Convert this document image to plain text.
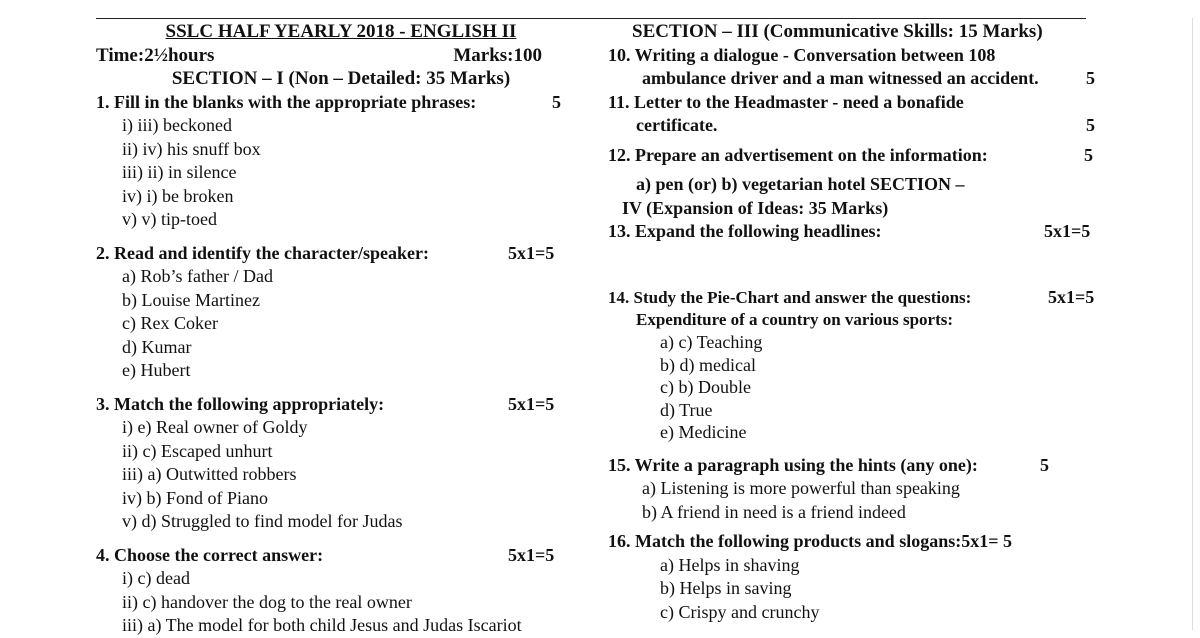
SSLC HALF YEARLY 2018 - ENGLISH II
Time:2½hours	Marks:100
SECTION – I (Non – Detailed: 35 Marks)
1. Fill in the blanks with the appropriate phrases:	5
i) iii) beckoned
ii) iv) his snuff box
iii) ii) in silence
iv) i) be broken
v) v) tip-toed
2. Read and identify the character/speaker:	5x1=5
a) Rob’s father / Dad
b) Louise Martinez
c) Rex Coker
d) Kumar
e) Hubert
3. Match the following appropriately:	5x1=5
i) e) Real owner of Goldy
ii) c) Escaped unhurt
iii) a) Outwitted robbers
iv) b) Fond of Piano
v) d) Struggled to find model for Judas
4. Choose the correct answer:	5x1=5
i) c) dead
ii) c) handover the dog to the real owner
iii) a) The model for both child Jesus and Judas Iscariot
SECTION – III (Communicative Skills: 15 Marks)
10. Writing a dialogue - Conversation between 108
ambulance driver and a man witnessed an accident.	5
11. Letter to the Headmaster - need a bonafide
certificate.	5
12. Prepare an advertisement on the information:	5
a) pen (or) b) vegetarian hotel SECTION –
IV (Expansion of Ideas: 35 Marks)
13. Expand the following headlines:	5x1=5
14. Study the Pie-Chart and answer the questions:	5x1=5
Expenditure of a country on various sports:
a) c) Teaching
b) d) medical
c) b) Double
d) True
e) Medicine
15. Write a paragraph using the hints (any one):	5
a) Listening is more powerful than speaking
b) A friend in need is a friend indeed
16. Match the following products and slogans:5x1= 5
a) Helps in shaving
b) Helps in saving
c) Crispy and crunchy
